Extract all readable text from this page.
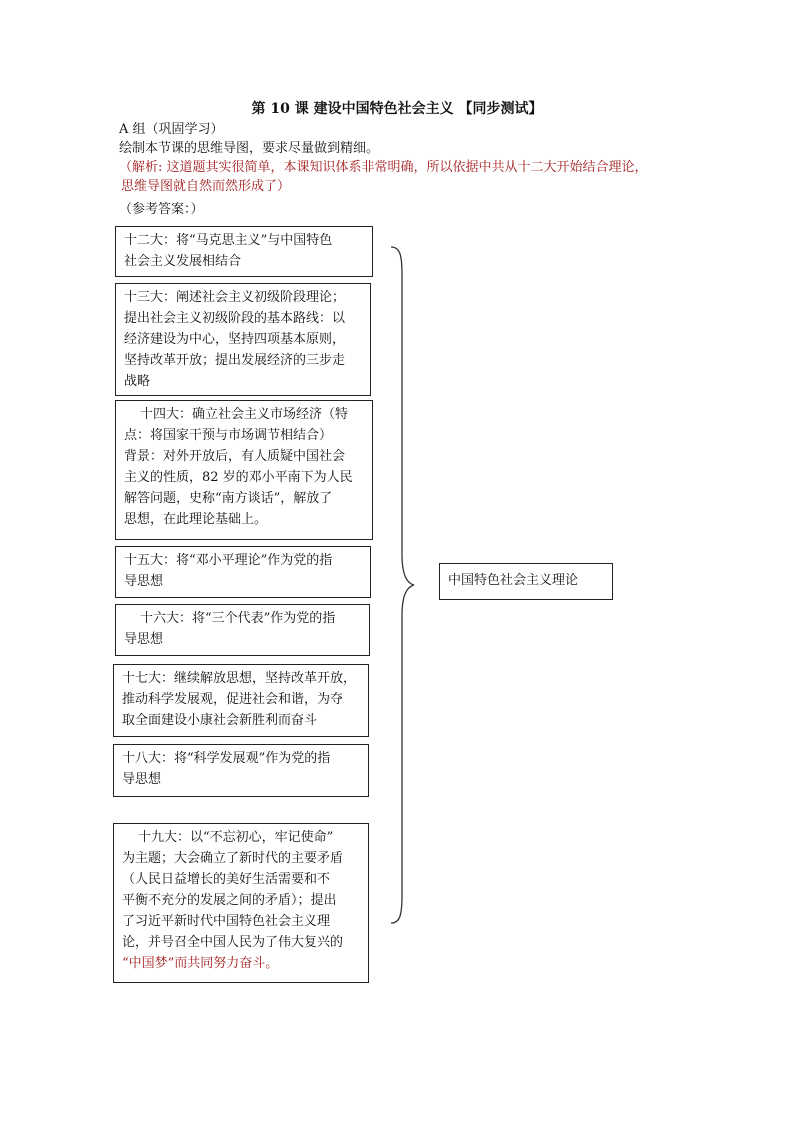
第 10 课 建设中国特色社会主义 【同步测试】
A 组（巩固学习）
绘制本节课的思维导图，要求尽量做到精细。
（解析: 这道题其实很简单，本课知识体系非常明确，所以依据中共从十二大开始结合理论，
思维导图就自然而然形成了）
（参考答案：）
十二大：将“马克思主义”与中国特色
社会主义发展相结合
十三大：阐述社会主义初级阶段理论；
提出社会主义初级阶段的基本路线：以
经济建设为中心，坚持四项基本原则，
坚持改革开放；提出发展经济的三步走
战略
十四大：确立社会主义市场经济（特
点：将国家干预与市场调节相结合）
背景：对外开放后，有人质疑中国社会
主义的性质，82 岁的邓小平南下为人民
解答问题，史称“南方谈话”，解放了
思想，在此理论基础上。
十五大：将“邓小平理论”作为党的指
导思想
十六大：将“三个代表”作为党的指
导思想
十七大：继续解放思想，坚持改革开放，
推动科学发展观，促进社会和谐，为夺
取全面建设小康社会新胜利而奋斗
十八大：将“科学发展观”作为党的指
导思想
十九大：以“不忘初心，牢记使命”
为主题；大会确立了新时代的主要矛盾
（人民日益增长的美好生活需要和不
平衡不充分的发展之间的矛盾）；提出
了习近平新时代中国特色社会主义理
论，并号召全中国人民为了伟大复兴的
“中国梦”而共同努力奋斗。
中国特色社会主义理论
